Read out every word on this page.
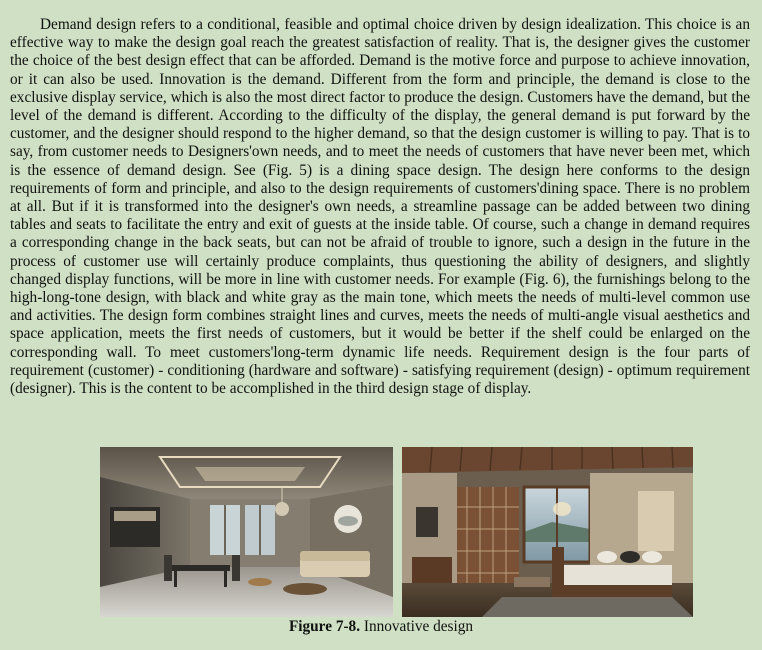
Demand design refers to a conditional, feasible and optimal choice driven by design idealization. This choice is an effective way to make the design goal reach the greatest satisfaction of reality. That is, the designer gives the customer the choice of the best design effect that can be afforded. Demand is the motive force and purpose to achieve innovation, or it can also be used. Innovation is the demand. Different from the form and principle, the demand is close to the exclusive display service, which is also the most direct factor to produce the design. Customers have the demand, but the level of the demand is different. According to the difficulty of the display, the general demand is put forward by the customer, and the designer should respond to the higher demand, so that the design customer is willing to pay. That is to say, from customer needs to Designers'own needs, and to meet the needs of customers that have never been met, which is the essence of demand design. See (Fig. 5) is a dining space design. The design here conforms to the design requirements of form and principle, and also to the design requirements of customers'dining space. There is no problem at all. But if it is transformed into the designer's own needs, a streamline passage can be added between two dining tables and seats to facilitate the entry and exit of guests at the inside table. Of course, such a change in demand requires a corresponding change in the back seats, but can not be afraid of trouble to ignore, such a design in the future in the process of customer use will certainly produce complaints, thus questioning the ability of designers, and slightly changed display functions, will be more in line with customer needs. For example (Fig. 6), the furnishings belong to the high-long-tone design, with black and white gray as the main tone, which meets the needs of multi-level common use and activities. The design form combines straight lines and curves, meets the needs of multi-angle visual aesthetics and space application, meets the first needs of customers, but it would be better if the shelf could be enlarged on the corresponding wall. To meet customers'long-term dynamic life needs. Requirement design is the four parts of requirement (customer) - conditioning (hardware and software) - satisfying requirement (design) - optimum requirement (designer). This is the content to be accomplished in the third design stage of display.

Figure 7-8. Innovative design
